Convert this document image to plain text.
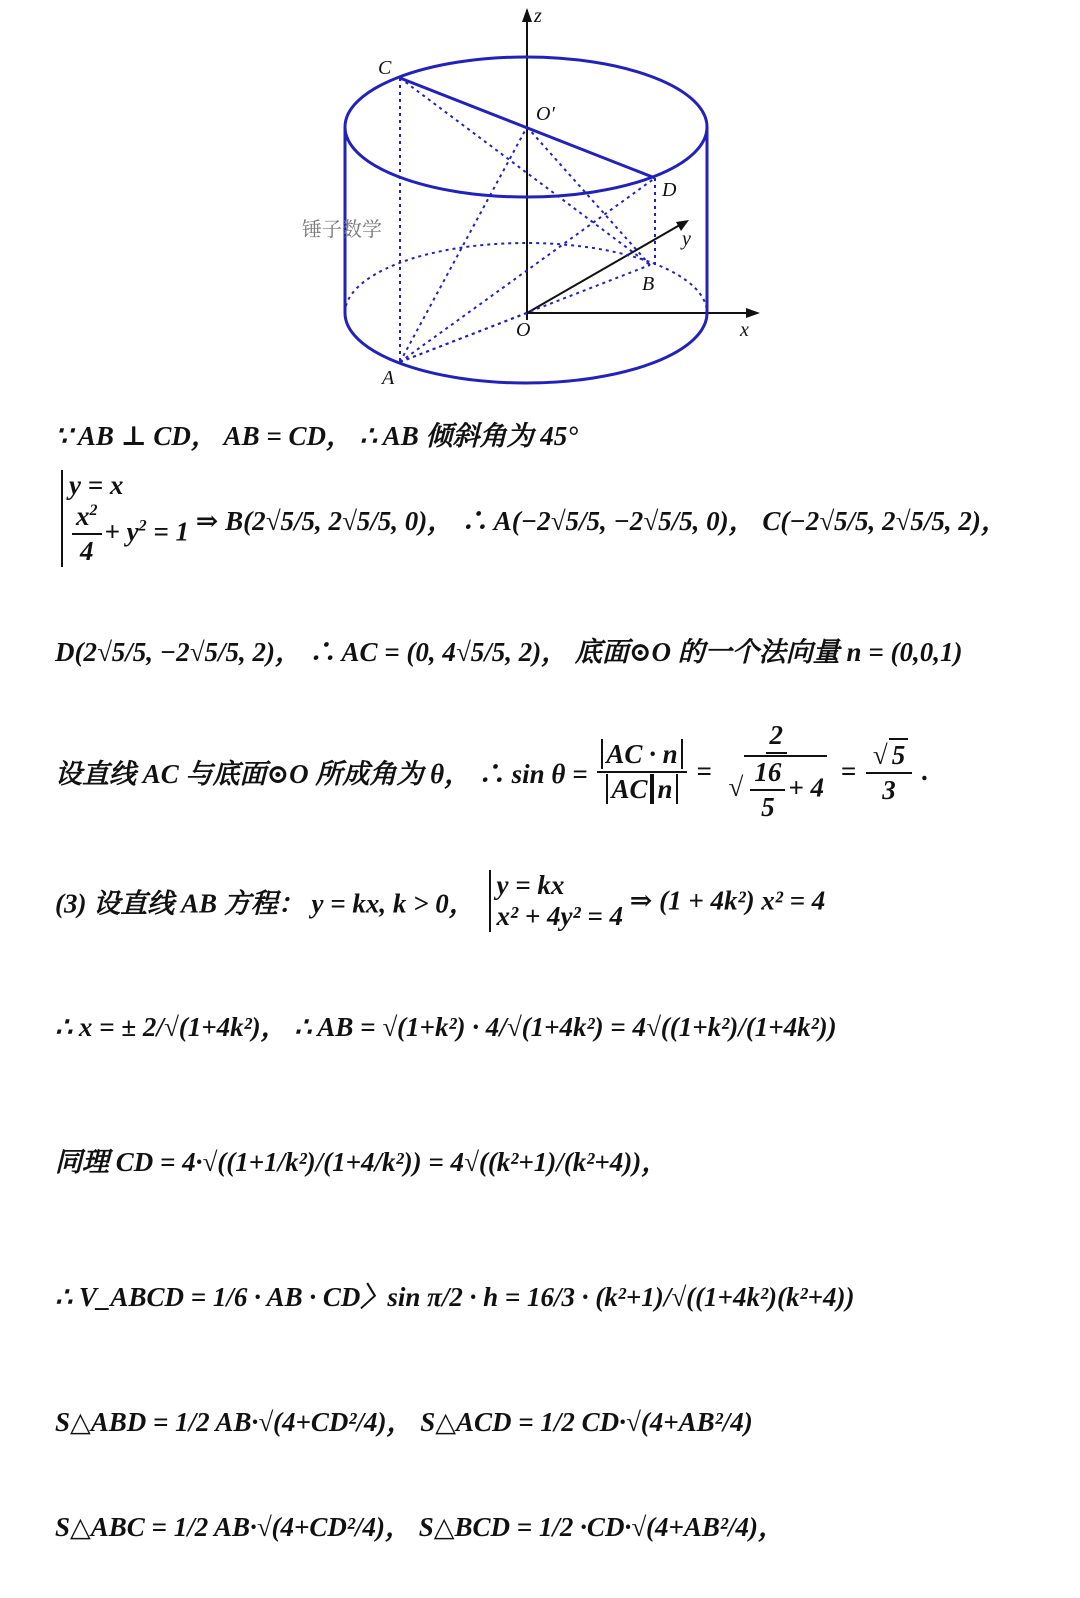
z
C
O′
D
y
B
O	x
A
锤子数学
∵ AB ⊥ CD， AB = CD， ∴ AB 倾斜角为 45°
y = x
$\frac{x^2}{4} + y^2 = 1$ ⇒ B(2√5/5, 2√5/5, 0)， ∴ A(−2√5/5, −2√5/5, 0)， C(−2√5/5, 2√5/5, 2)，
D(2√5/5, −2√5/5, 2)， ∴ AC = (0, 4√5/5, 2)， 底面⊙O 的一个法向量 n = (0,0,1)
设直线 AC 与底面⊙O 所成角为 θ， ∴ $\sin \theta = \frac{AC \cdot n}{\text{AC n}} = \frac{2}{√ \frac{16}{5} + 4} = \frac{√ 5}{3}$ .
(3) 设直线 AB 方程： y = kx, k > 0，
y = kx
x² + 4y² = 4
⇒ (1 + 4k²) x² = 4
∴ x = ± 2/√(1+4k²)， ∴ AB = √(1+k²) · 4/√(1+4k²) = 4√((1+k²)/(1+4k²))
同理 CD = 4·√((1+1/k²)/(1+4/k²)) = 4√((k²+1)/(k²+4))，
∴ V_ABCD = 1/6 · AB · CD〉sin π/2 · h = 16/3 · (k²+1)/√((1+4k²)(k²+4))
S△ABD = 1/2 AB·√(4+CD²/4)， S△ACD = 1/2 CD·√(4+AB²/4)
S△ABC = 1/2 AB·√(4+CD²/4)， S△BCD = 1/2 ·CD·√(4+AB²/4)，
